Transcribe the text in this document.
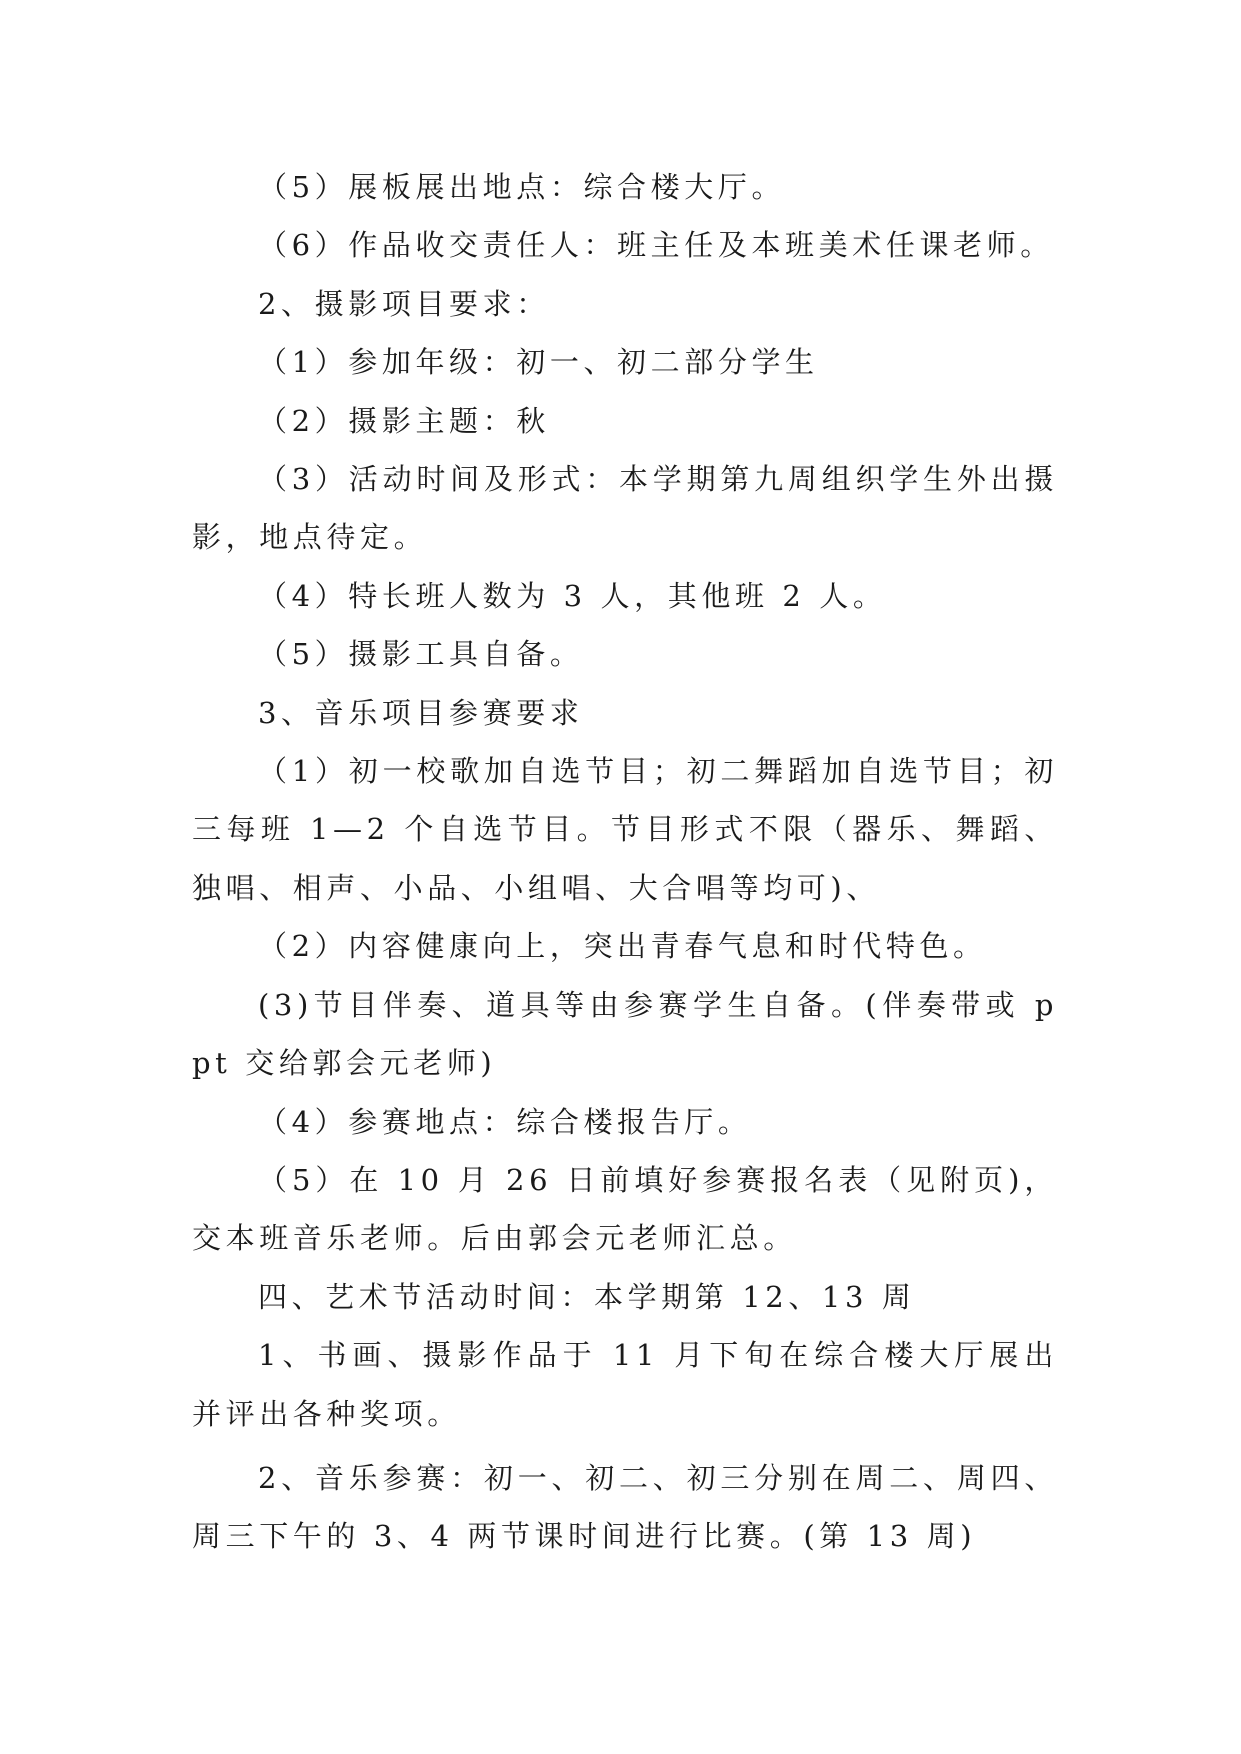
（5）展板展出地点：综合楼大厅。

（6）作品收交责任人：班主任及本班美术任课老师。

2、摄影项目要求：

（1）参加年级：初一、初二部分学生

（2）摄影主题：秋

（3）活动时间及形式：本学期第九周组织学生外出摄影，地点待定。

（4）特长班人数为 3 人，其他班 2 人。

（5）摄影工具自备。

3、音乐项目参赛要求

（1）初一校歌加自选节目；初二舞蹈加自选节目；初三每班 1—2 个自选节目。节目形式不限（器乐、舞蹈、独唱、相声、小品、小组唱、大合唱等均可)、

（2）内容健康向上，突出青春气息和时代特色。

(3)节目伴奏、道具等由参赛学生自备。(伴奏带或 ppt 交给郭会元老师)

（4）参赛地点：综合楼报告厅。

（5）在 10 月 26 日前填好参赛报名表（见附页)，交本班音乐老师。后由郭会元老师汇总。

四、艺术节活动时间：本学期第 12、13 周

1、书画、摄影作品于 11 月下旬在综合楼大厅展出并评出各种奖项。

2、音乐参赛：初一、初二、初三分别在周二、周四、周三下午的 3、4 两节课时间进行比赛。(第 13 周)
